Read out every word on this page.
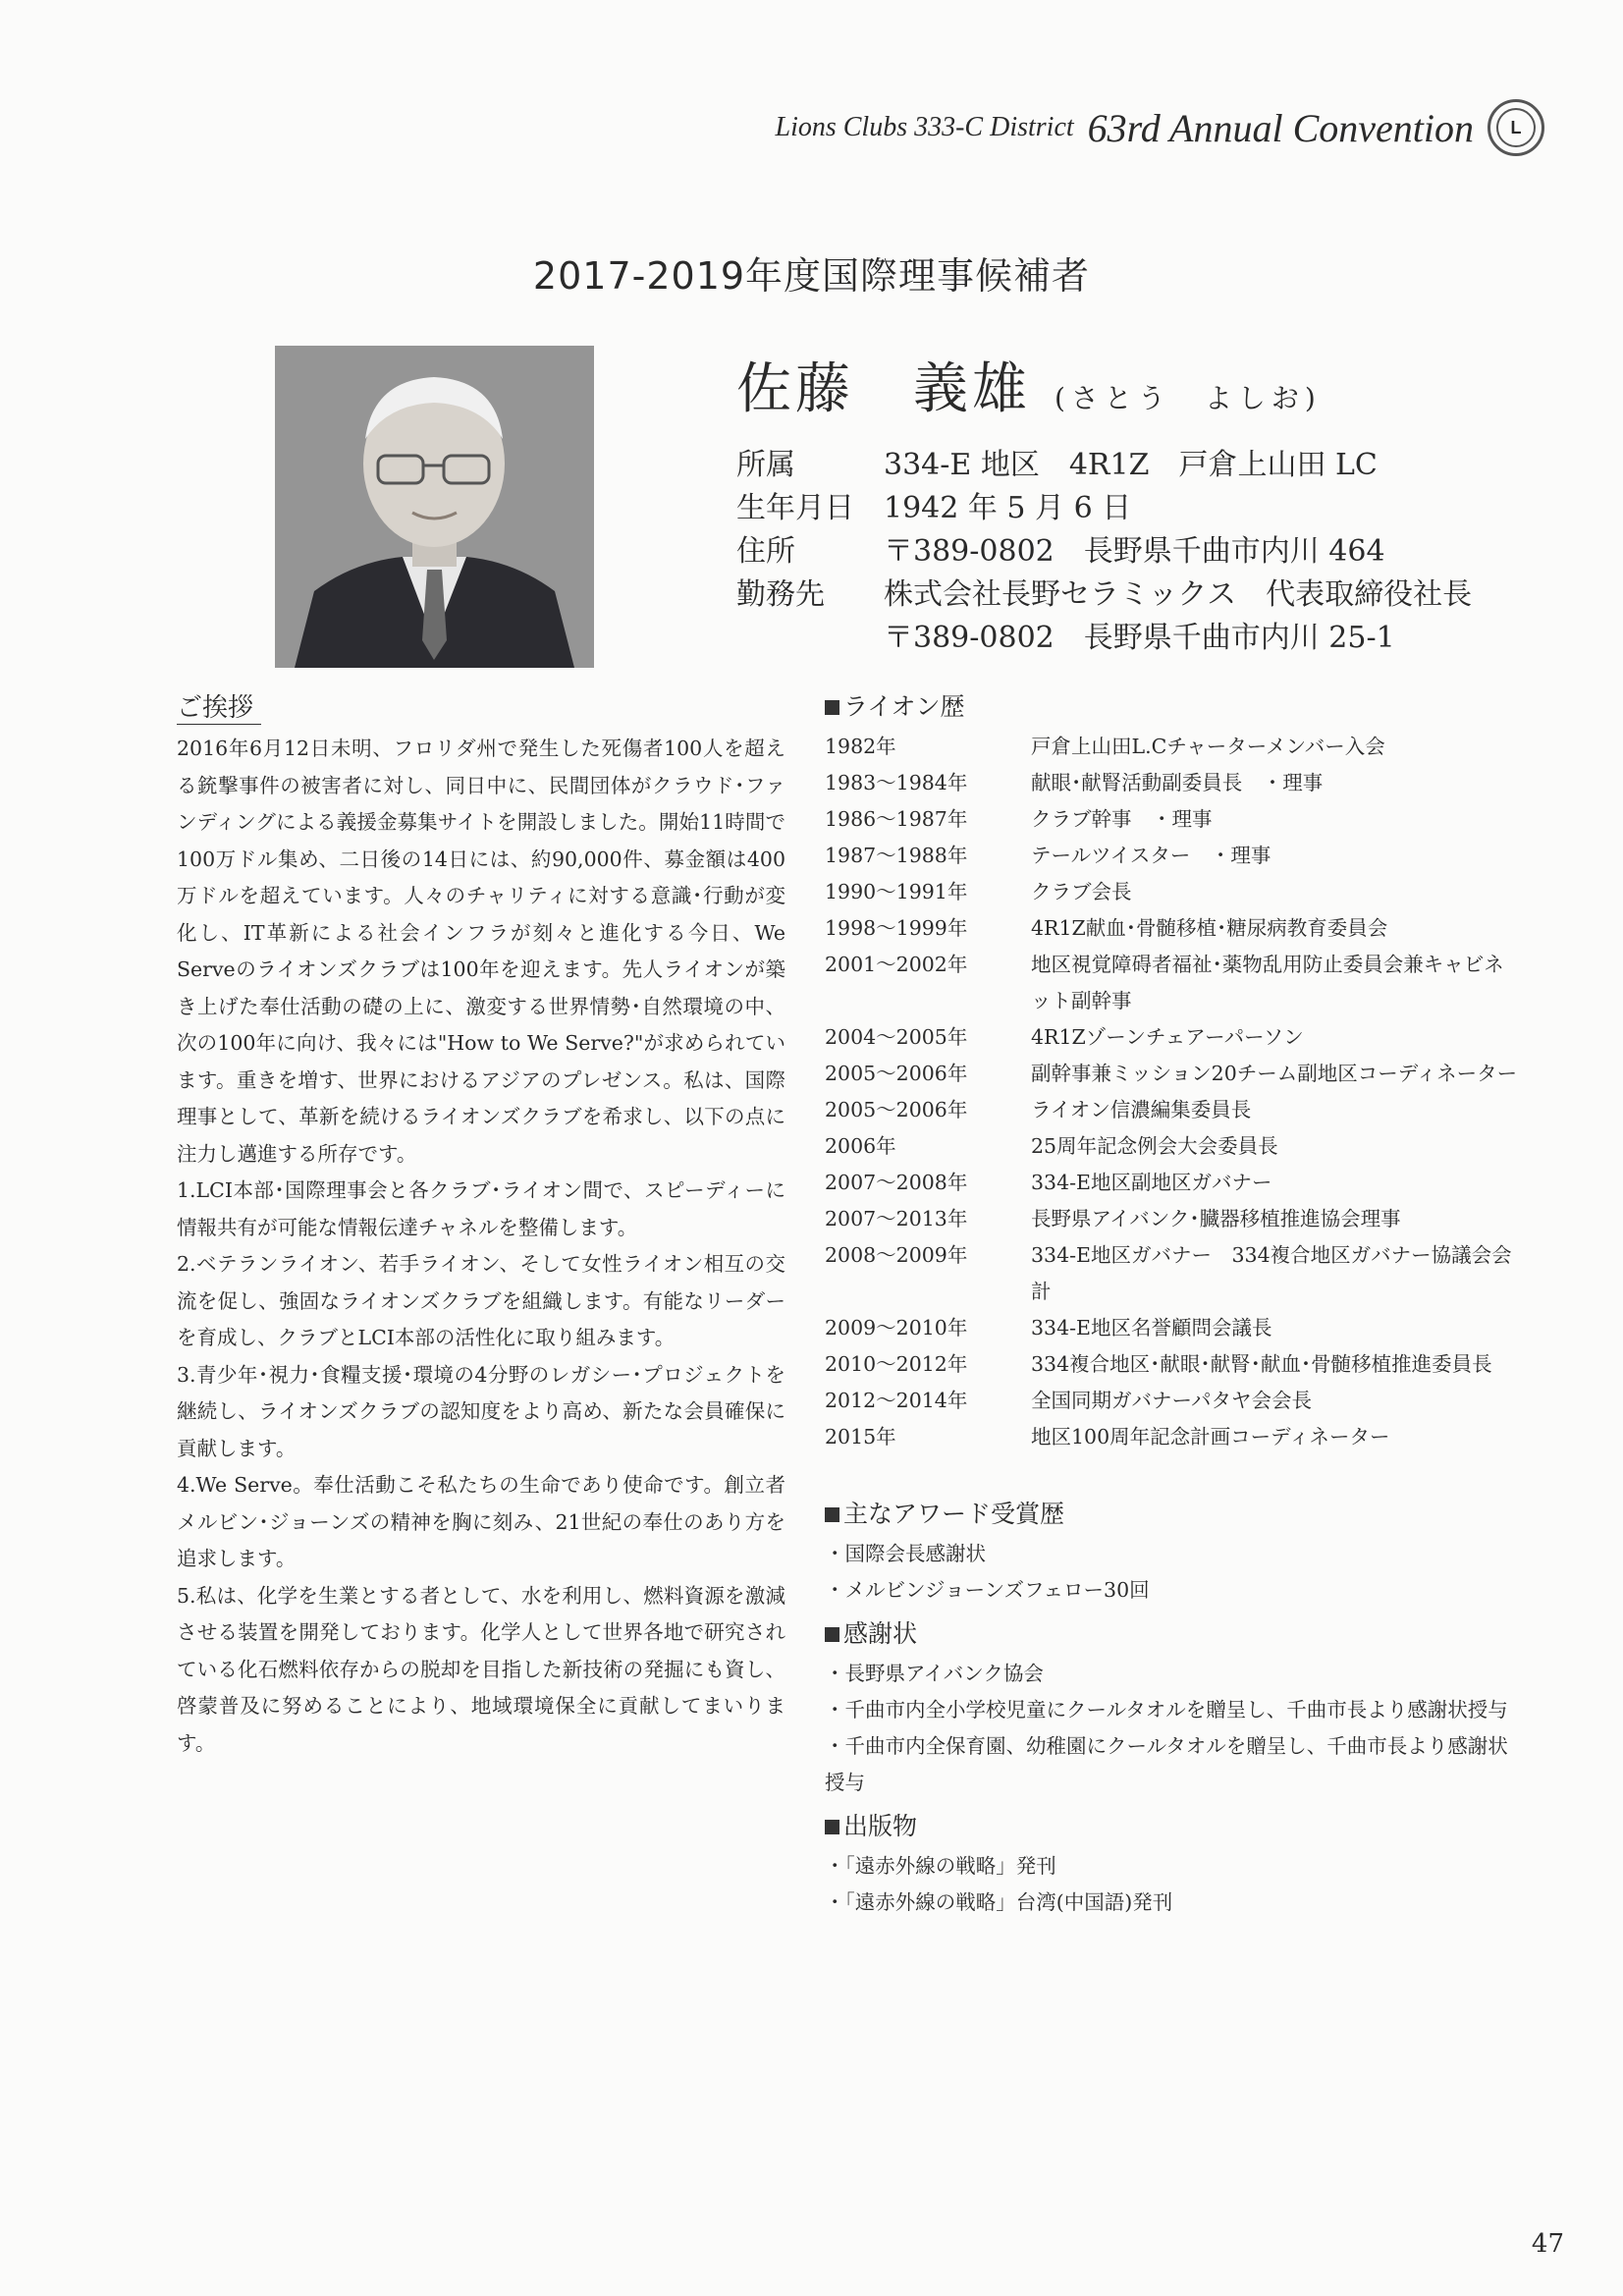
Lions Clubs 333-C District 63rd Annual Convention	L
2017-2019年度国際理事候補者
佐藤　義雄 (さとう　よしお)
所属	334-E 地区　4R1Z　戸倉上山田 LC
生年月日	1942 年 5 月 6 日
住所	〒389-0802　長野県千曲市内川 464
勤務先	株式会社長野セラミックス　代表取締役社長
〒389-0802　長野県千曲市内川 25-1
ご挨拶

2016年6月12日未明、フロリダ州で発生した死傷者100人を超える銃撃事件の被害者に対し、同日中に、民間団体がクラウド･ファンディングによる義援金募集サイトを開設しました。開始11時間で100万ドル集め、二日後の14日には、約90,000件、募金額は400万ドルを超えています。人々のチャリティに対する意識･行動が変化し、IT革新による社会インフラが刻々と進化する今日、We Serveのライオンズクラブは100年を迎えます。先人ライオンが築き上げた奉仕活動の礎の上に、激変する世界情勢･自然環境の中、次の100年に向け、我々には"How to We Serve?"が求められています。重きを増す、世界におけるアジアのプレゼンス。私は、国際理事として、革新を続けるライオンズクラブを希求し、以下の点に注力し邁進する所存です。

1.LCI本部･国際理事会と各クラブ･ライオン間で、スピーディーに情報共有が可能な情報伝達チャネルを整備します。

2.ベテランライオン、若手ライオン、そして女性ライオン相互の交流を促し、強固なライオンズクラブを組織します。有能なリーダーを育成し、クラブとLCI本部の活性化に取り組みます。

3.青少年･視力･食糧支援･環境の4分野のレガシー･プロジェクトを継続し、ライオンズクラブの認知度をより高め、新たな会員確保に貢献します。

4.We Serve。奉仕活動こそ私たちの生命であり使命です。創立者メルビン･ジョーンズの精神を胸に刻み、21世紀の奉仕のあり方を追求します。

5.私は、化学を生業とする者として、水を利用し、燃料資源を激減させる装置を開発しております。化学人として世界各地で研究されている化石燃料依存からの脱却を目指した新技術の発掘にも資し、啓蒙普及に努めることにより、地域環境保全に貢献してまいります。

ライオン歴
1982年	戸倉上山田L.Cチャーターメンバー入会
1983～1984年	献眼･献腎活動副委員長　・理事
1986～1987年	クラブ幹事　・理事
1987～1988年	テールツイスター　・理事
1990～1991年	クラブ会長
1998～1999年	4R1Z献血･骨髄移植･糖尿病教育委員会
2001～2002年	地区視覚障碍者福祉･薬物乱用防止委員会兼キャビネット副幹事
2004～2005年	4R1Zゾーンチェアーパーソン
2005～2006年	副幹事兼ミッション20チーム副地区コーディネーター
2005～2006年	ライオン信濃編集委員長
2006年	25周年記念例会大会委員長
2007～2008年	334-E地区副地区ガバナー
2007～2013年	長野県アイバンク･臓器移植推進協会理事
2008～2009年	334-E地区ガバナー　334複合地区ガバナー協議会会計
2009～2010年	334-E地区名誉顧問会議長
2010～2012年	334複合地区･献眼･献腎･献血･骨髄移植推進委員長
2012～2014年	全国同期ガバナーパタヤ会会長
2015年	地区100周年記念計画コーディネーター
主なアワード受賞歴
・国際会長感謝状
・メルビンジョーンズフェロー30回
感謝状
・長野県アイバンク協会
・千曲市内全小学校児童にクールタオルを贈呈し、千曲市長より感謝状授与
・千曲市内全保育園、幼稚園にクールタオルを贈呈し、千曲市長より感謝状授与
出版物
・「遠赤外線の戦略」発刊
・「遠赤外線の戦略」台湾(中国語)発刊
47
